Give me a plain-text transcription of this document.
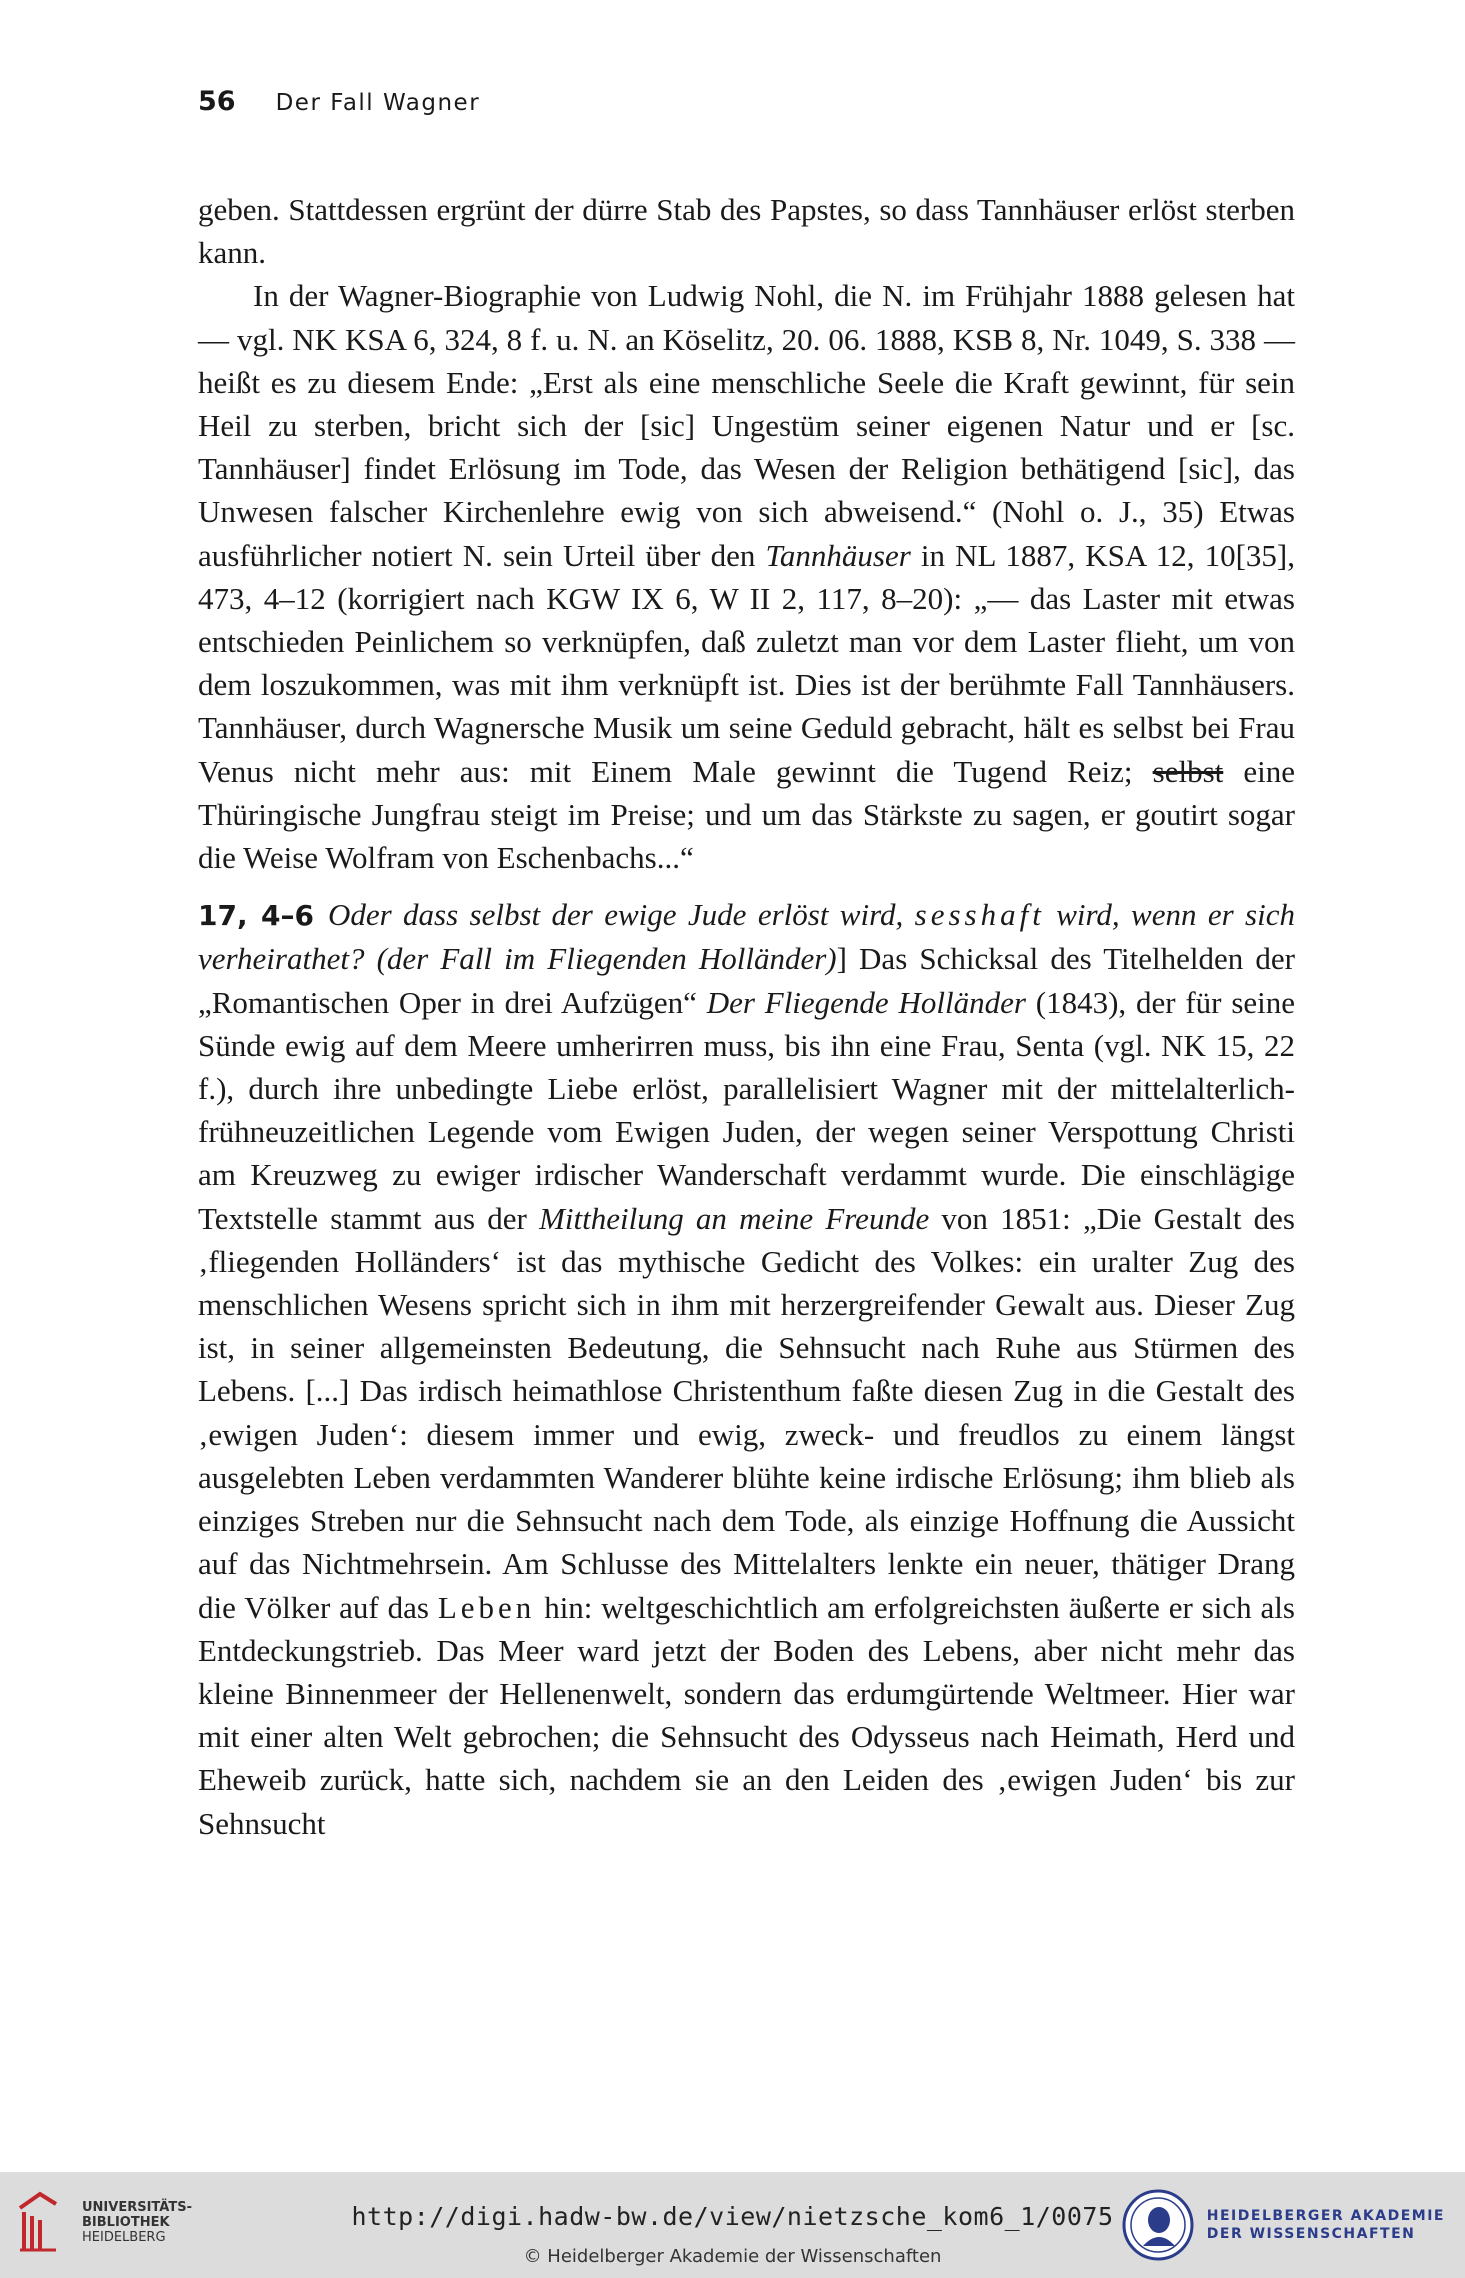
56 Der Fall Wagner

geben. Stattdessen ergrünt der dürre Stab des Papstes, so dass Tannhäuser erlöst sterben kann.

In der Wagner-Biographie von Ludwig Nohl, die N. im Frühjahr 1888 gelesen hat — vgl. NK KSA 6, 324, 8 f. u. N. an Köselitz, 20. 06. 1888, KSB 8, Nr. 1049, S. 338 — heißt es zu diesem Ende: „Erst als eine menschliche Seele die Kraft gewinnt, für sein Heil zu sterben, bricht sich der [sic] Ungestüm seiner eigenen Natur und er [sc. Tannhäuser] findet Erlösung im Tode, das Wesen der Religion bethätigend [sic], das Unwesen falscher Kirchenlehre ewig von sich abweisend.“ (Nohl o. J., 35) Etwas ausführlicher notiert N. sein Urteil über den Tannhäuser in NL 1887, KSA 12, 10[35], 473, 4–12 (korrigiert nach KGW IX 6, W II 2, 117, 8–20): „— das Laster mit etwas entschieden Peinlichem so verknüpfen, daß zuletzt man vor dem Laster flieht, um von dem loszukommen, was mit ihm verknüpft ist. Dies ist der berühmte Fall Tannhäusers. Tannhäuser, durch Wagnersche Musik um seine Geduld gebracht, hält es selbst bei Frau Venus nicht mehr aus: mit Einem Male gewinnt die Tugend Reiz; selbst eine Thüringische Jungfrau steigt im Preise; und um das Stärkste zu sagen, er goutirt sogar die Weise Wolfram von Eschenbachs...“

17, 4–6 Oder dass selbst der ewige Jude erlöst wird, sesshaft wird, wenn er sich verheirathet? (der Fall im Fliegenden Holländer)] Das Schicksal des Titelhelden der „Romantischen Oper in drei Aufzügen“ Der Fliegende Holländer (1843), der für seine Sünde ewig auf dem Meere umherirren muss, bis ihn eine Frau, Senta (vgl. NK 15, 22 f.), durch ihre unbedingte Liebe erlöst, parallelisiert Wagner mit der mittelalterlich-frühneuzeitlichen Legende vom Ewigen Juden, der wegen seiner Verspottung Christi am Kreuzweg zu ewiger irdischer Wanderschaft verdammt wurde. Die einschlägige Textstelle stammt aus der Mittheilung an meine Freunde von 1851: „Die Gestalt des ‚fliegenden Holländers‘ ist das mythische Gedicht des Volkes: ein uralter Zug des menschlichen Wesens spricht sich in ihm mit herzergreifender Gewalt aus. Dieser Zug ist, in seiner allgemeinsten Bedeutung, die Sehnsucht nach Ruhe aus Stürmen des Lebens. [...] Das irdisch heimathlose Christenthum faßte diesen Zug in die Gestalt des ‚ewigen Juden‘: diesem immer und ewig, zweck- und freudlos zu einem längst ausgelebten Leben verdammten Wanderer blühte keine irdische Erlösung; ihm blieb als einziges Streben nur die Sehnsucht nach dem Tode, als einzige Hoffnung die Aussicht auf das Nichtmehrsein. Am Schlusse des Mittelalters lenkte ein neuer, thätiger Drang die Völker auf das Leben hin: weltgeschichtlich am erfolgreichsten äußerte er sich als Entdeckungstrieb. Das Meer ward jetzt der Boden des Lebens, aber nicht mehr das kleine Binnenmeer der Hellenenwelt, sondern das erdumgürtende Weltmeer. Hier war mit einer alten Welt gebrochen; die Sehnsucht des Odysseus nach Heimath, Herd und Eheweib zurück, hatte sich, nachdem sie an den Leiden des ‚ewigen Juden‘ bis zur Sehnsucht

UNIVERSITÄTS-
BIBLIOTHEK
HEIDELBERG
http://digi.hadw-bw.de/view/nietzsche_kom6_1/0075
© Heidelberger Akademie der Wissenschaften
HEIDELBERGER AKADEMIE
DER WISSENSCHAFTEN
